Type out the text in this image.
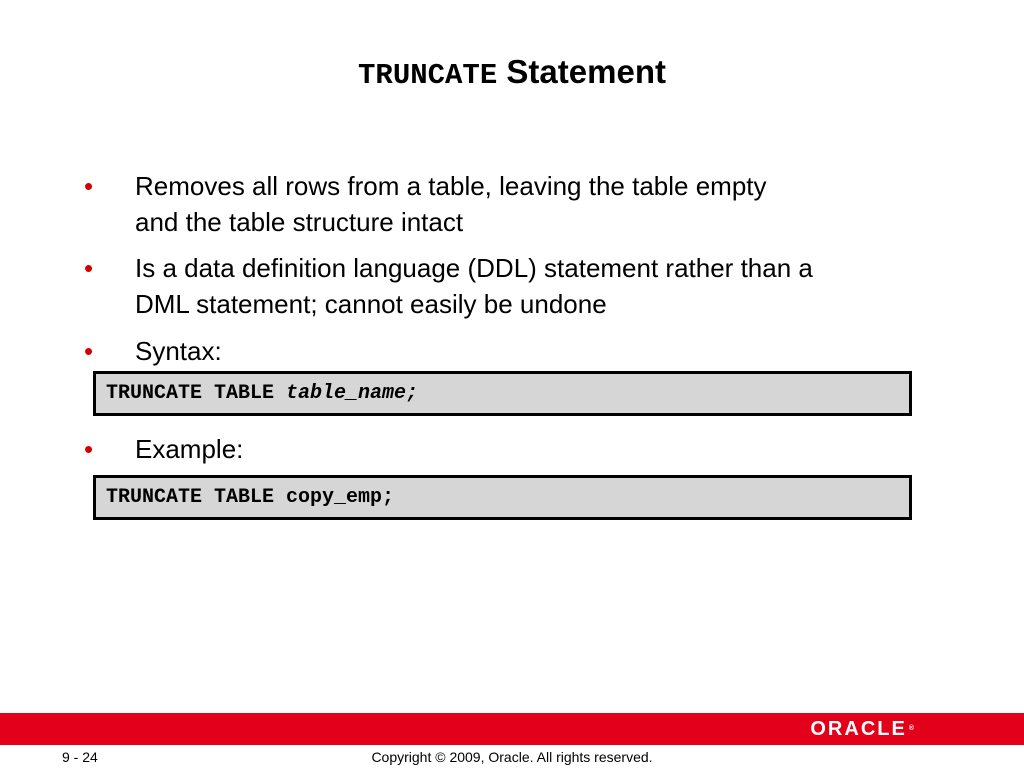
TRUNCATE Statement
• Removes all rows from a table, leaving the table empty
and the table structure intact
• Is a data definition language (DDL) statement rather than a
DML statement; cannot easily be undone
• Syntax:
TRUNCATE TABLE table_name;
• Example:
TRUNCATE TABLE copy_emp;
ORACLE ®
9 - 24	Copyright © 2009, Oracle. All rights reserved.
